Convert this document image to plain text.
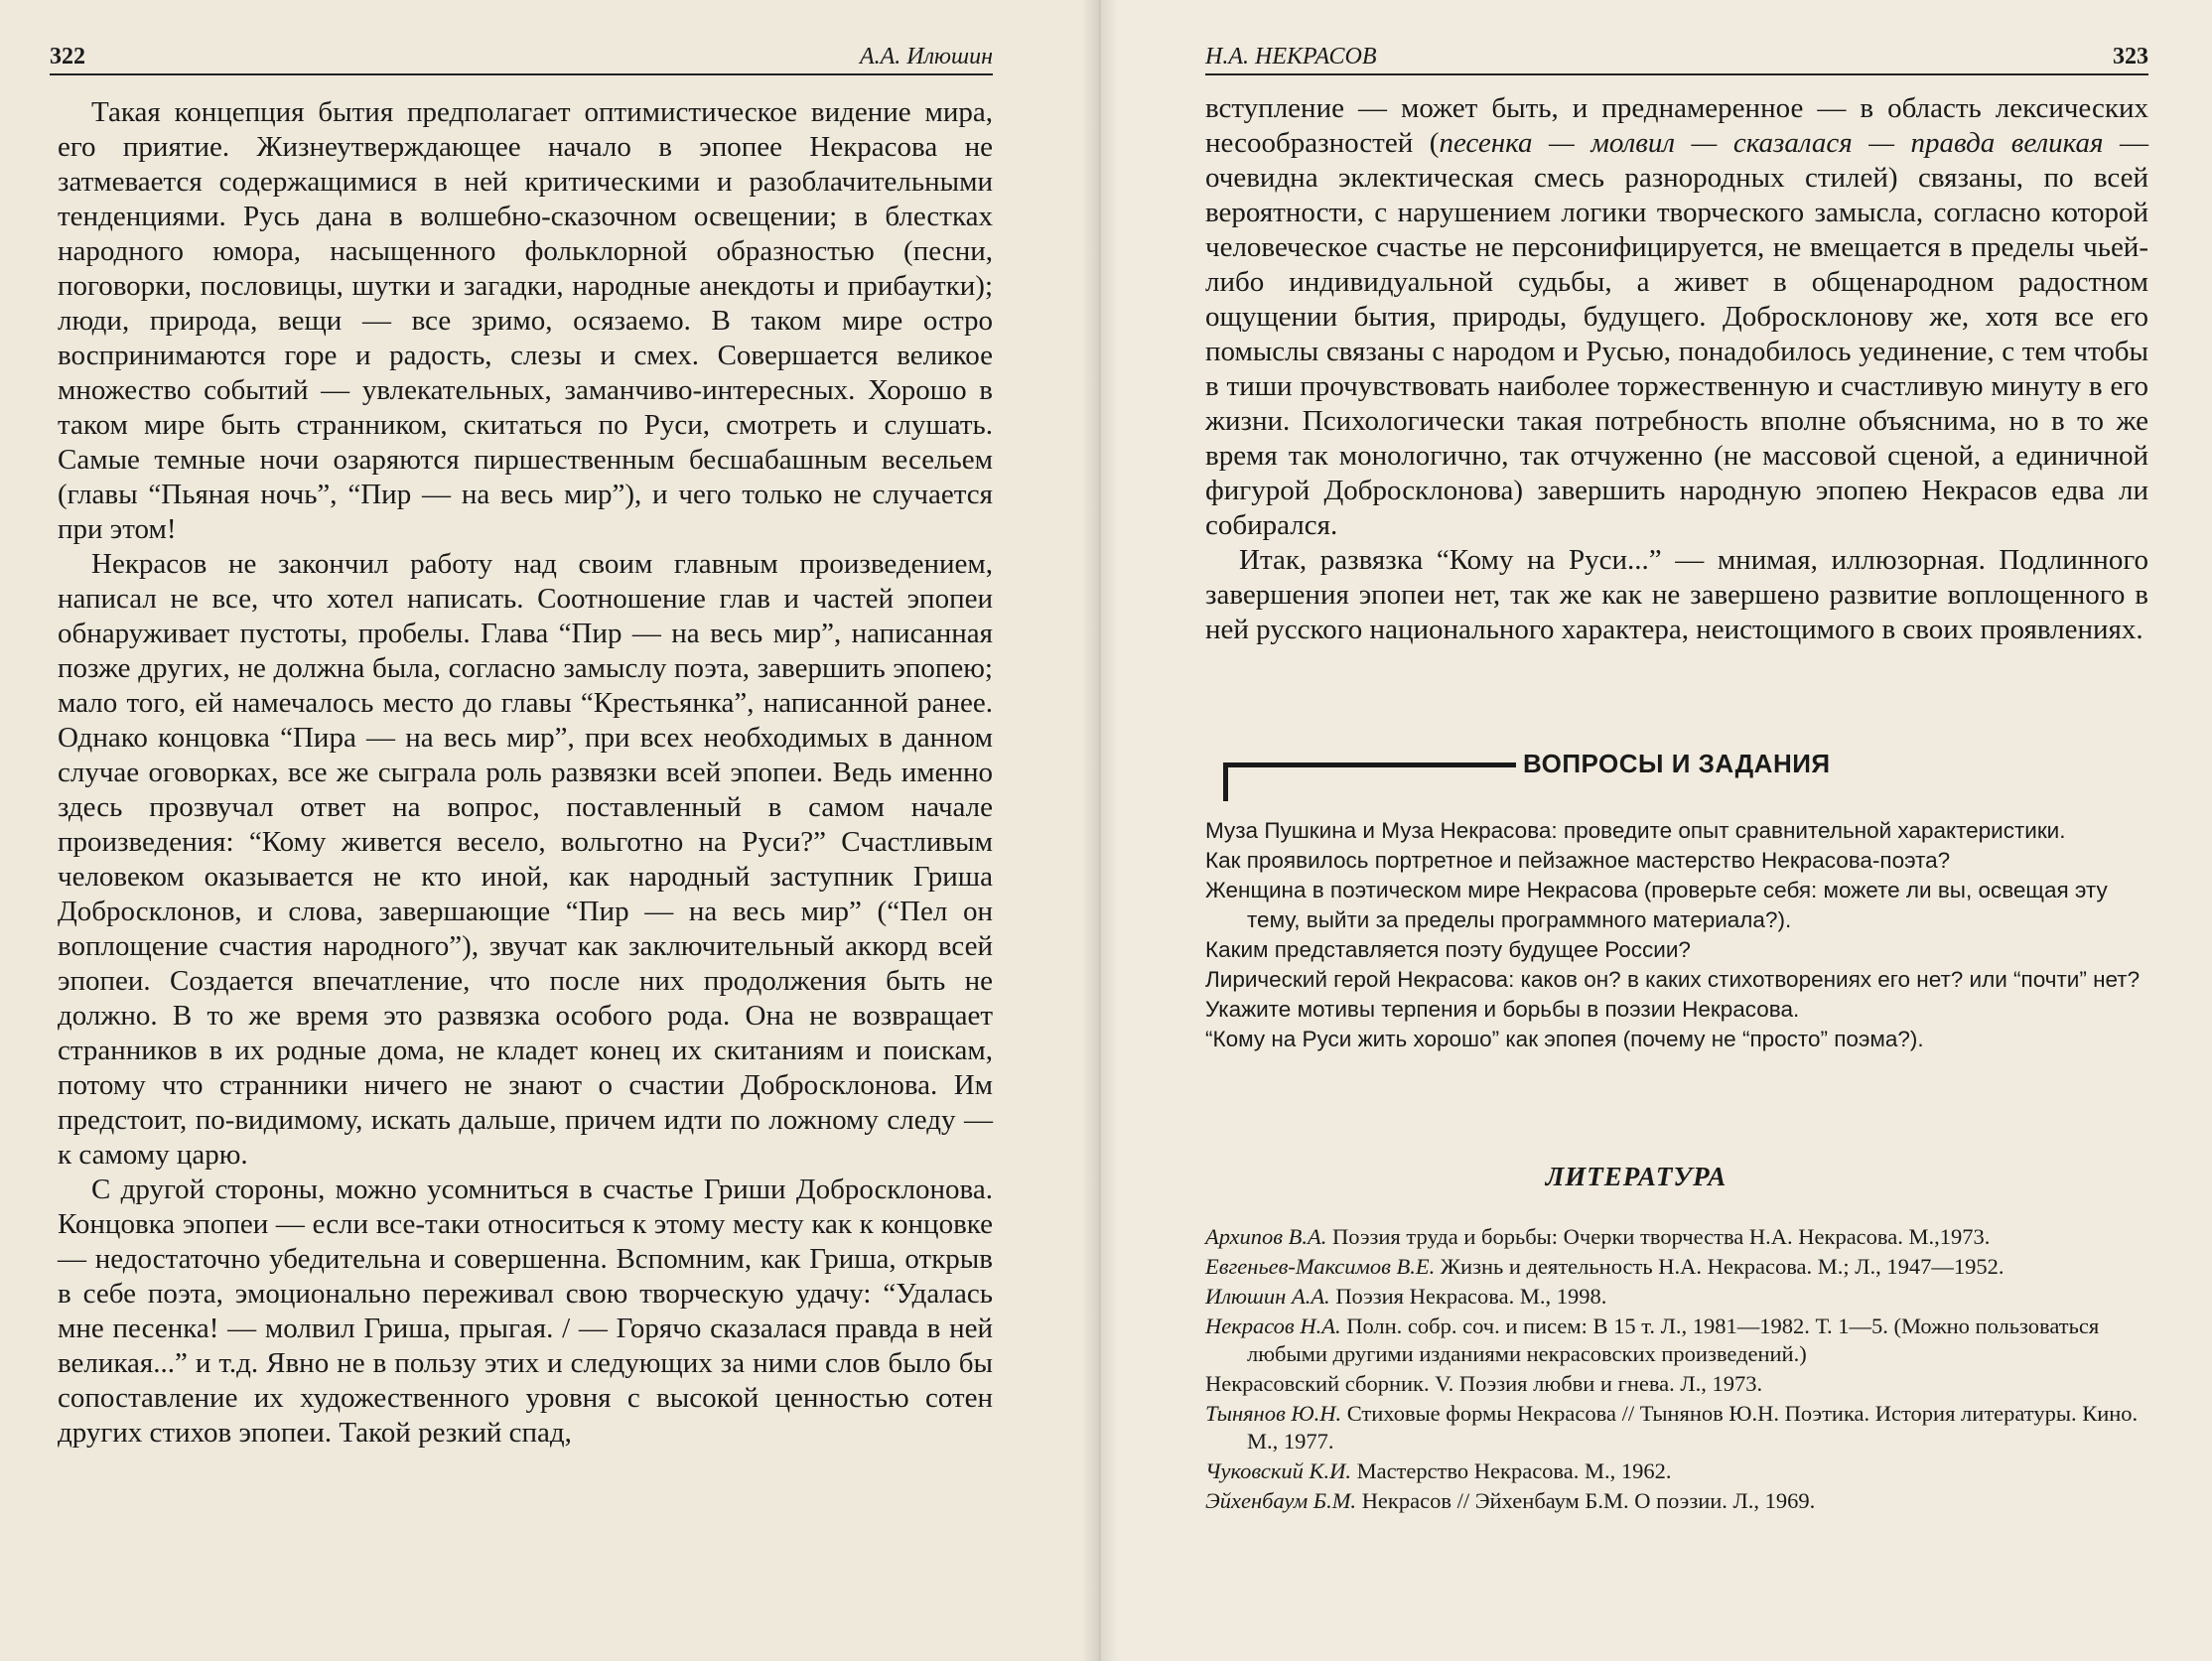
322	А.А. Илюшин

Такая концепция бытия предполагает оптимистическое видение мира, его приятие. Жизнеутверждающее начало в эпопее Некрасова не затмевается содержащимися в ней критическими и разоблачительными тенденциями. Русь дана в волшебно-сказочном освещении; в блестках народного юмора, насыщенного фольклорной образностью (песни, поговорки, пословицы, шутки и загадки, народные анекдоты и прибаутки); люди, природа, вещи — все зримо, осязаемо. В таком мире остро воспринимаются горе и радость, слезы и смех. Совершается великое множество событий — увлекательных, заманчиво-интересных. Хорошо в таком мире быть странником, скитаться по Руси, смотреть и слушать. Самые темные ночи озаряются пиршественным бесшабашным весельем (главы “Пьяная ночь”, “Пир — на весь мир”), и чего только не случается при этом!

Некрасов не закончил работу над своим главным произведением, написал не все, что хотел написать. Соотношение глав и частей эпопеи обнаруживает пустоты, пробелы. Глава “Пир — на весь мир”, написанная позже других, не должна была, согласно замыслу поэта, завершить эпопею; мало того, ей намечалось место до главы “Крестьянка”, написанной ранее. Однако концовка “Пира — на весь мир”, при всех необходимых в данном случае оговорках, все же сыграла роль развязки всей эпопеи. Ведь именно здесь прозвучал ответ на вопрос, поставленный в самом начале произведения: “Кому живется весело, вольготно на Руси?” Счастливым человеком оказывается не кто иной, как народный заступник Гриша Добросклонов, и слова, завершающие “Пир — на весь мир” (“Пел он воплощение счастия народного”), звучат как заключительный аккорд всей эпопеи. Создается впечатление, что после них продолжения быть не должно. В то же время это развязка особого рода. Она не возвращает странников в их родные дома, не кладет конец их скитаниям и поискам, потому что странники ничего не знают о счастии Добросклонова. Им предстоит, по-видимому, искать дальше, причем идти по ложному следу — к самому царю.

С другой стороны, можно усомниться в счастье Гриши Добросклонова. Концовка эпопеи — если все-таки относиться к этому месту как к концовке — недостаточно убедительна и совершенна. Вспомним, как Гриша, открыв в себе поэта, эмоционально переживал свою творческую удачу: “Удалась мне песенка! — молвил Гриша, прыгая. / — Горячо сказалася правда в ней великая...” и т.д. Явно не в пользу этих и следующих за ними слов было бы сопоставление их художественного уровня с высокой ценностью сотен других стихов эпопеи. Такой резкий спад,

Н.А. НЕКРАСОВ	323

вступление — может быть, и преднамеренное — в область лексических несообразностей (песенка — молвил — сказалася — правда великая — очевидна эклектическая смесь разнородных стилей) связаны, по всей вероятности, с нарушением логики творческого замысла, согласно которой человеческое счастье не персонифицируется, не вмещается в пределы чьей-либо индивидуальной судьбы, а живет в общенародном радостном ощущении бытия, природы, будущего. Добросклонову же, хотя все его помыслы связаны с народом и Русью, понадобилось уединение, с тем чтобы в тиши прочувствовать наиболее торжественную и счастливую минуту в его жизни. Психологически такая потребность вполне объяснима, но в то же время так монологично, так отчуженно (не массовой сценой, а единичной фигурой Добросклонова) завершить народную эпопею Некрасов едва ли собирался.

Итак, развязка “Кому на Руси...” — мнимая, иллюзорная. Подлинного завершения эпопеи нет, так же как не завершено развитие воплощенного в ней русского национального характера, неистощимого в своих проявлениях.

ВОПРОСЫ И ЗАДАНИЯ
Муза Пушкина и Муза Некрасова: проведите опыт сравнительной характеристики.
Как проявилось портретное и пейзажное мастерство Некрасова-поэта?
Женщина в поэтическом мире Некрасова (проверьте себя: можете ли вы, освещая эту тему, выйти за пределы программного материала?).
Каким представляется поэту будущее России?
Лирический герой Некрасова: каков он? в каких стихотворениях его нет? или “почти” нет?
Укажите мотивы терпения и борьбы в поэзии Некрасова.
“Кому на Руси жить хорошо” как эпопея (почему не “просто” поэма?).
ЛИТЕРАТУРА
Архипов В.А. Поэзия труда и борьбы: Очерки творчества Н.А. Некрасова. М.,1973.
Евгеньев-Максимов В.Е. Жизнь и деятельность Н.А. Некрасова. М.; Л., 1947—1952.
Илюшин А.А. Поэзия Некрасова. М., 1998.
Некрасов Н.А. Полн. собр. соч. и писем: В 15 т. Л., 1981—1982. Т. 1—5. (Можно пользоваться любыми другими изданиями некрасовских произведений.)
Некрасовский сборник. V. Поэзия любви и гнева. Л., 1973.
Тынянов Ю.Н. Стиховые формы Некрасова // Тынянов Ю.Н. Поэтика. История литературы. Кино. М., 1977.
Чуковский К.И. Мастерство Некрасова. М., 1962.
Эйхенбаум Б.М. Некрасов // Эйхенбаум Б.М. О поэзии. Л., 1969.
